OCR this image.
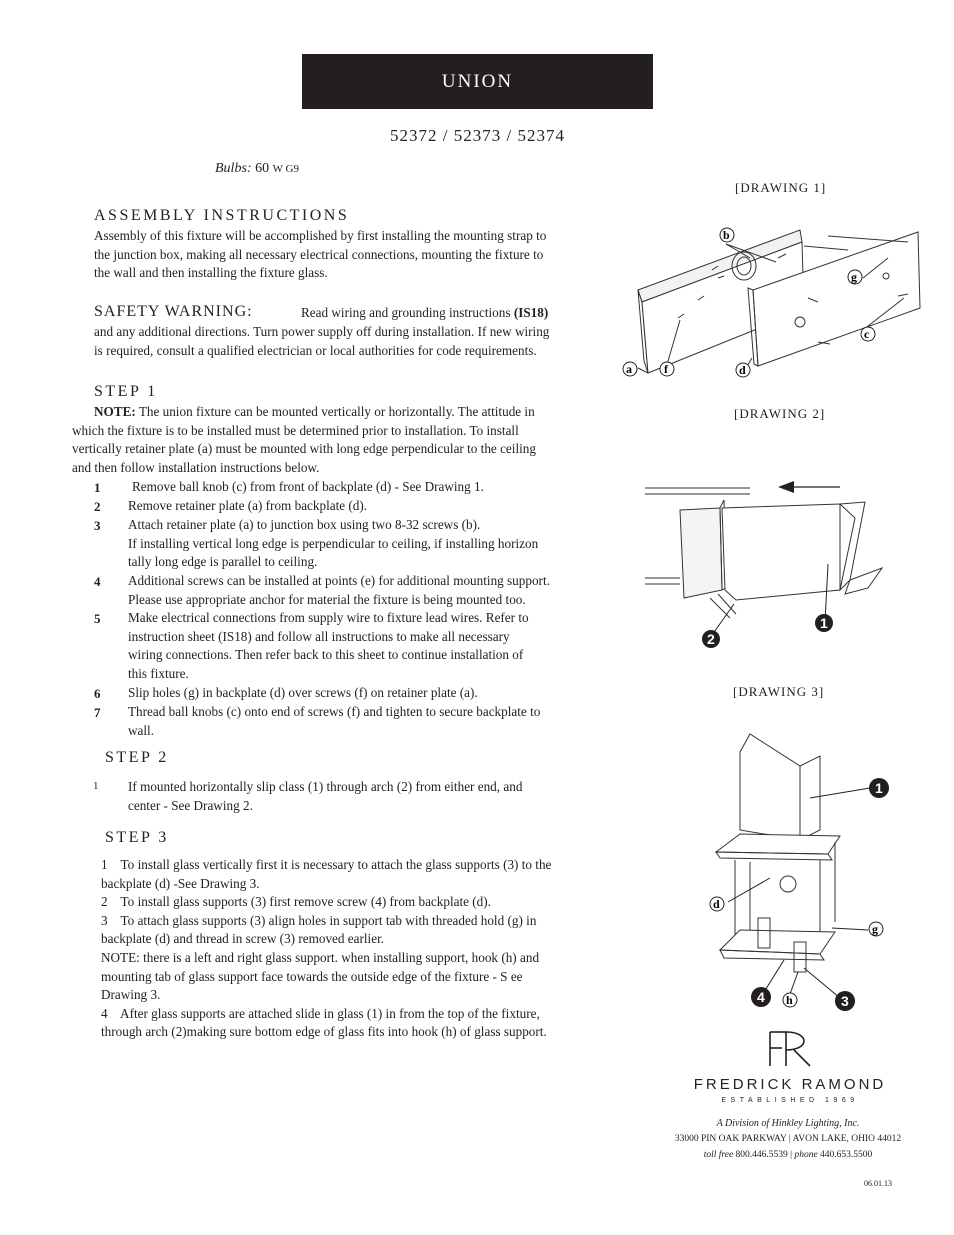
UNION
52372 / 52373 / 52374
Bulbs: 60 W G9
[DRAWING 1]
[DRAWING 2]
[DRAWING 3]
ASSEMBLY INSTRUCTIONS
Assembly of this fixture will be accomplished by first installing the mounting strap to
the junction box, making all necessary electrical connections, mounting the fixture to
the wall and then installing the fixture glass.
SAFETY WARNING:	Read wiring and grounding instructions (IS18)
and any additional directions. Turn power supply off during installation. If new wiring
is required, consult a qualified electrician or local authorities for code requirements.
STEP 1
NOTE: The union fixture can be mounted vertically or horizontally. The attitude in
which the fixture is to be installed must be determined prior to installation. To install
vertically retainer plate (a) must be mounted with long edge perpendicular to the ceiling
and then follow installation instructions below.
1 Remove ball knob (c) from front of backplate (d) - See Drawing 1.
2 Remove retainer plate (a) from backplate (d).
3 Attach retainer plate (a) to junction box using two 8-32 screws (b).
If installing vertical long edge is perpendicular to ceiling, if installing horizon
tally long edge is parallel to ceiling.
4 Additional screws can be installed at points (e) for additional mounting support.
Please use appropriate anchor for material the fixture is being mounted too.
5 Make electrical connections from supply wire to fixture lead wires. Refer to
instruction sheet (IS18) and follow all instructions to make all necessary
wiring connections. Then refer back to this sheet to continue installation of
this fixture.
6 Slip holes (g) in backplate (d) over screws (f) on retainer plate (a).
7 Thread ball knobs (c) onto end of screws (f) and tighten to secure backplate to
wall.
STEP 2
1 If mounted horizontally slip class (1) through arch (2) from either end, and
center - See Drawing 2.
STEP 3
1    To install glass vertically first it is necessary to attach the glass supports (3) to the
backplate (d) -See Drawing 3.
2    To install glass supports (3) first remove screw (4) from backplate (d).
3    To attach glass supports (3) align holes in support tab with threaded hold (g) in
backplate (d) and thread in screw (3) removed earlier.
NOTE: there is a left and right glass support. when installing support, hook (h) and
mounting tab of glass support face towards the outside edge of the fixture - S ee
Drawing 3.
4    After glass supports are attached slide in glass (1) in from the top of the fixture,
through arch (2)making sure bottom edge of glass fits into hook (h) of glass support.
b
g
c
a	f	d
1
2
1
d
g
3
4 h
FREDRICK RAMOND
ESTABLISHED 1969
A Division of Hinkley Lighting, Inc.
33000 PIN OAK PARKWAY | AVON LAKE, OHIO 44012
toll free 800.446.5539 | phone 440.653.5500
06.01.13
